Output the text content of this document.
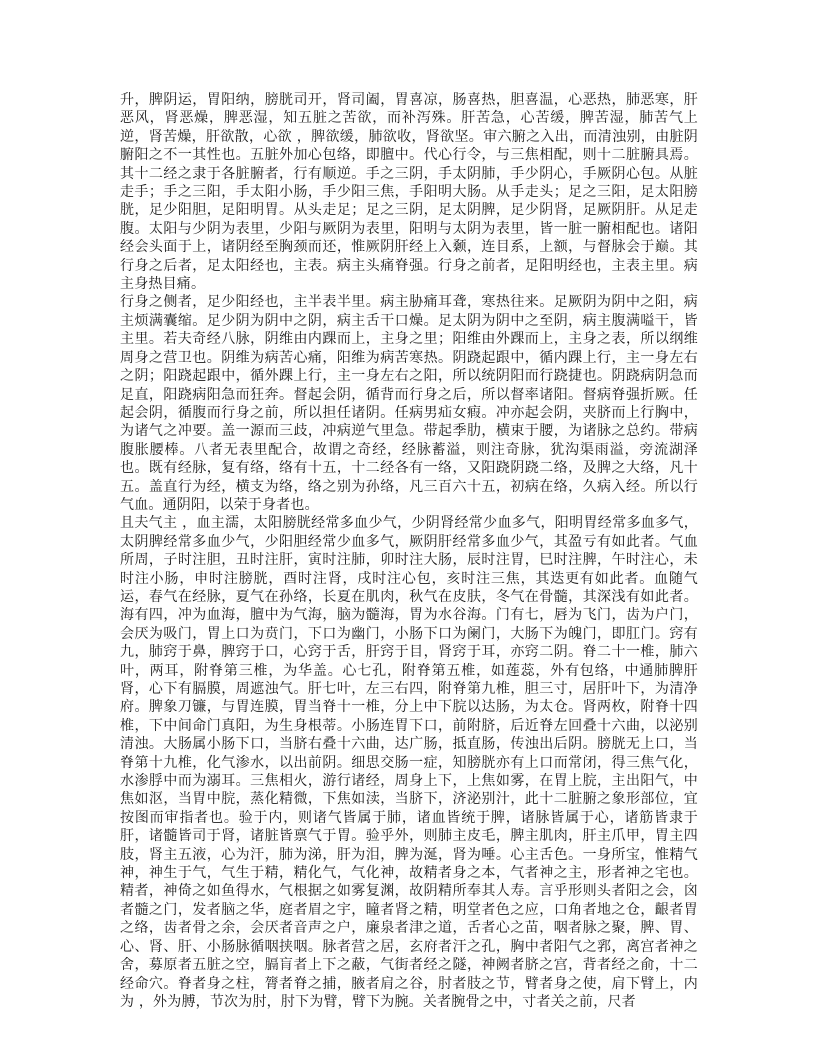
升，脾阴运，胃阳纳，膀胱司开，肾司阖，胃喜凉，肠喜热，胆喜温，心恶热，肺恶寒，肝恶风，肾恶燥，脾恶湿，知五脏之苦欲，而补泻殊。肝苦急，心苦缓，脾苦湿，肺苦气上逆，肾苦燥，肝欲散，心欲 ，脾欲缓，肺欲收，肾欲坚。审六腑之入出，而清浊别，由脏阴腑阳之不一其性也。五脏外加心包络，即膻中。代心行令，与三焦相配，则十二脏腑具焉。其十二经之隶于各脏腑者，行有顺逆。手之三阴，手太阴肺，手少阴心，手厥阴心包。从脏走手；手之三阳，手太阳小肠，手少阳三焦，手阳明大肠。从手走头；足之三阳，足太阳膀胱，足少阳胆，足阳明胃。从头走足；足之三阴，足太阴脾，足少阴肾，足厥阴肝。从足走腹。太阳与少阴为表里，少阳与厥阴为表里，阳明与太阴为表里，皆一脏一腑相配也。诸阳经会头面于上，诸阴经至胸颈而还，惟厥阴肝经上入颡，连目系，上额，与督脉会于巅。其行身之后者，足太阳经也，主表。病主头痛脊强。行身之前者，足阳明经也，主表主里。病主身热目痛。

行身之侧者，足少阳经也，主半表半里。病主胁痛耳聋，寒热往来。足厥阴为阴中之阳，病主烦满囊缩。足少阴为阴中之阴，病主舌干口燥。足太阴为阴中之至阴，病主腹满嗌干，皆主里。若夫奇经八脉，阴维由内踝而上，主身之里；阳维由外踝而上，主身之表，所以纲维周身之营卫也。阴维为病苦心痛，阳维为病苦寒热。阴跷起跟中，循内踝上行，主一身左右之阴；阳跷起跟中，循外踝上行，主一身左右之阳，所以统阴阳而行跷捷也。阴跷病阴急而足直，阳跷病阳急而狂奔。督起会阴，循背而行身之后，所以督率诸阳。督病脊强折厥。任起会阴，循腹而行身之前，所以担任诸阴。任病男疝女瘕。冲亦起会阴，夹脐而上行胸中，为诸气之冲要。盖一源而三歧，冲病逆气里急。带起季肋，横束于腰，为诸脉之总约。带病腹胀腰棒。八者无表里配合，故谓之奇经，经脉蓄溢，则注奇脉，犹沟渠雨溢，旁流湖泽也。既有经脉，复有络，络有十五，十二经各有一络，又阳跷阴跷二络，及脾之大络，凡十五。盖直行为经，横支为络，络之别为孙络，凡三百六十五，初病在络，久病入经。所以行气血。通阴阳，以荣于身者也。

且夫气主 ，血主濡，太阳膀胱经常多血少气，少阴肾经常少血多气，阳明胃经常多血多气，太阴脾经常多血少气，少阳胆经常少血多气，厥阴肝经常多血少气，其盈亏有如此者。气血所周，子时注胆，丑时注肝，寅时注肺，卯时注大肠，辰时注胃，巳时注脾，午时注心，未时注小肠，申时注膀胱，酉时注肾，戌时注心包，亥时注三焦，其迭更有如此者。血随气运，春气在经脉，夏气在孙络，长夏在肌肉，秋气在皮肤，冬气在骨髓，其深浅有如此者。海有四，冲为血海，膻中为气海，脑为髓海，胃为水谷海。门有七，唇为飞门，齿为户门，会厌为吸门，胃上口为贲门，下口为幽门，小肠下口为阑门，大肠下为魄门，即肛门。窍有九，肺窍于鼻，脾窍于口，心窍于舌，肝窍于目，肾窍于耳，亦窍二阴。脊二十一椎，肺六叶，两耳，附脊第三椎，为华盖。心七孔，附脊第五椎，如莲蕊，外有包络，中通肺脾肝肾，心下有膈膜，周遮浊气。肝七叶，左三右四，附脊第九椎，胆三寸，居肝叶下，为清净府。脾象刀镰，与胃连膜，胃当脊十一椎，分上中下脘以达肠，为太仓。肾两枚，附脊十四椎，下中间命门真阳，为生身根蒂。小肠连胃下口，前附脐，后近脊左回叠十六曲，以泌别清浊。大肠属小肠下口，当脐右叠十六曲，达广肠，抵直肠，传浊出后阴。膀胱无上口，当脊第十九椎，化气渗水，以出前阴。细思交肠一症，知膀胱亦有上口而常闭，得三焦气化，水渗脬中而为溺耳。三焦相火，游行诸经，周身上下，上焦如雾，在胃上脘，主出阳气，中焦如沤，当胃中脘，蒸化精微，下焦如渎，当脐下，济泌别汁，此十二脏腑之象形部位，宜按图而审指者也。验于内，则诸气皆属于肺，诸血皆统于脾，诸脉皆属于心，诸筋皆隶于肝，诸髓皆司于肾，诸脏皆禀气于胃。验乎外，则肺主皮毛，脾主肌肉，肝主爪甲，胃主四肢，肾主五液，心为汗，肺为涕，肝为泪，脾为涎，肾为唾。心主舌色。一身所宝，惟精气神，神生于气，气生于精，精化气，气化神，故精者身之本，气者神之主，形者神之宅也。精者，神倚之如鱼得水，气根据之如雾复渊，故阴精所奉其人寿。言乎形则头者阳之会，囟者髓之门，发者脑之华，庭者眉之宇，瞳者肾之精，明堂者色之应，口角者地之仓，齦者胃之络，齿者骨之余，会厌者音声之户，廉泉者津之道，舌者心之苗，咽者脉之聚，脾、胃、心、肾、肝、小肠脉循咽挟咽。脉者营之居，玄府者汗之孔，胸中者阳气之郛，离宫者神之舍，募原者五脏之空，膈肓者上下之蔽，气街者经之隧，神阙者脐之宫，背者经之俞，十二经命穴。脊者身之柱，膂者脊之捕，腋者肩之谷，肘者肢之节，臂者身之使，肩下臂上，内为 ，外为膊，节次为肘，肘下为臂，臂下为腕。关者腕骨之中，寸者关之前，尺者
